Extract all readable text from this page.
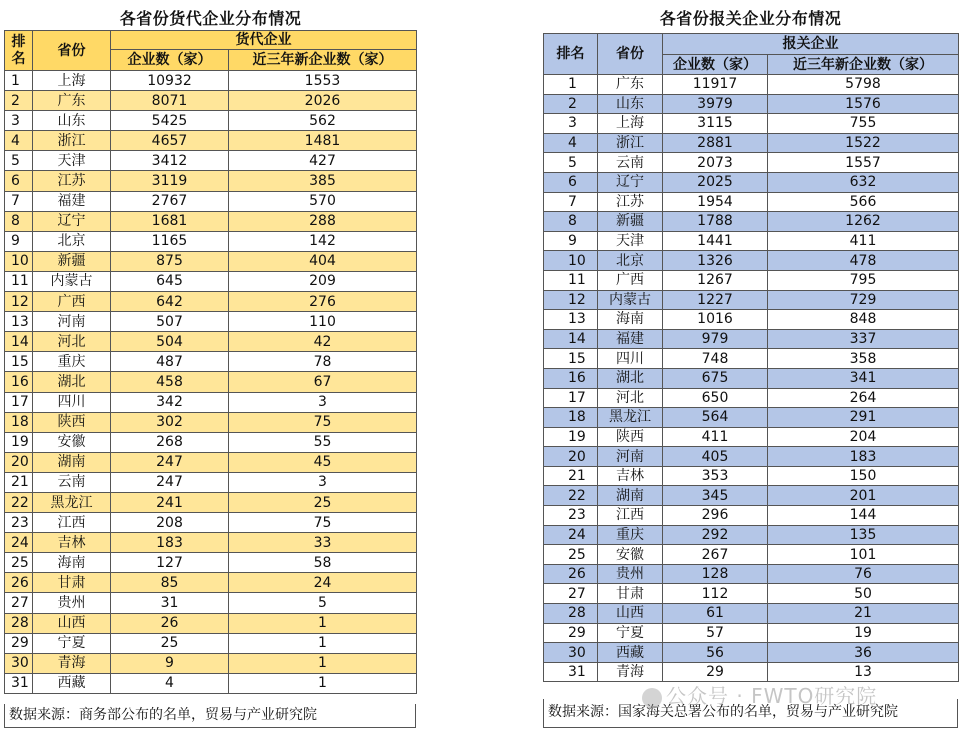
各省份货代企业分布情况
排名	省份	货代企业	
		企业数（家）	近三年新企业数（家）
1	上海	10932	1553
2	广东	8071	2026
3	山东	5425	562
4	浙江	4657	1481
5	天津	3412	427
6	江苏	3119	385
7	福建	2767	570
8	辽宁	1681	288
9	北京	1165	142
10	新疆	875	404
11	内蒙古	645	209
12	广西	642	276
13	河南	507	110
14	河北	504	42
15	重庆	487	78
16	湖北	458	67
17	四川	342	3
18	陕西	302	75
19	安徽	268	55
20	湖南	247	45
21	云南	247	3
22	黑龙江	241	25
23	江西	208	75
24	吉林	183	33
25	海南	127	58
26	甘肃	85	24
27	贵州	31	5
28	山西	26	1
29	宁夏	25	1
30	青海	9	1
31	西藏	4	1
数据来源：商务部公布的名单，贸易与产业研究院
各省份报关企业分布情况
排名	省份	报关企业	
		企业数（家）	近三年新企业数（家）
1	广东	11917	5798
2	山东	3979	1576
3	上海	3115	755
4	浙江	2881	1522
5	云南	2073	1557
6	辽宁	2025	632
7	江苏	1954	566
8	新疆	1788	1262
9	天津	1441	411
10	北京	1326	478
11	广西	1267	795
12	内蒙古	1227	729
13	海南	1016	848
14	福建	979	337
15	四川	748	358
16	湖北	675	341
17	河北	650	264
18	黑龙江	564	291
19	陕西	411	204
20	河南	405	183
21	吉林	353	150
22	湖南	345	201
23	江西	296	144
24	重庆	292	135
25	安徽	267	101
26	贵州	128	76
27	甘肃	112	50
28	山西	61	21
29	宁夏	57	19
30	西藏	56	36
31	青海	29	13
数据来源：国家海关总署公布的名单，贸易与产业研究院
公众号 · FWTO研究院
